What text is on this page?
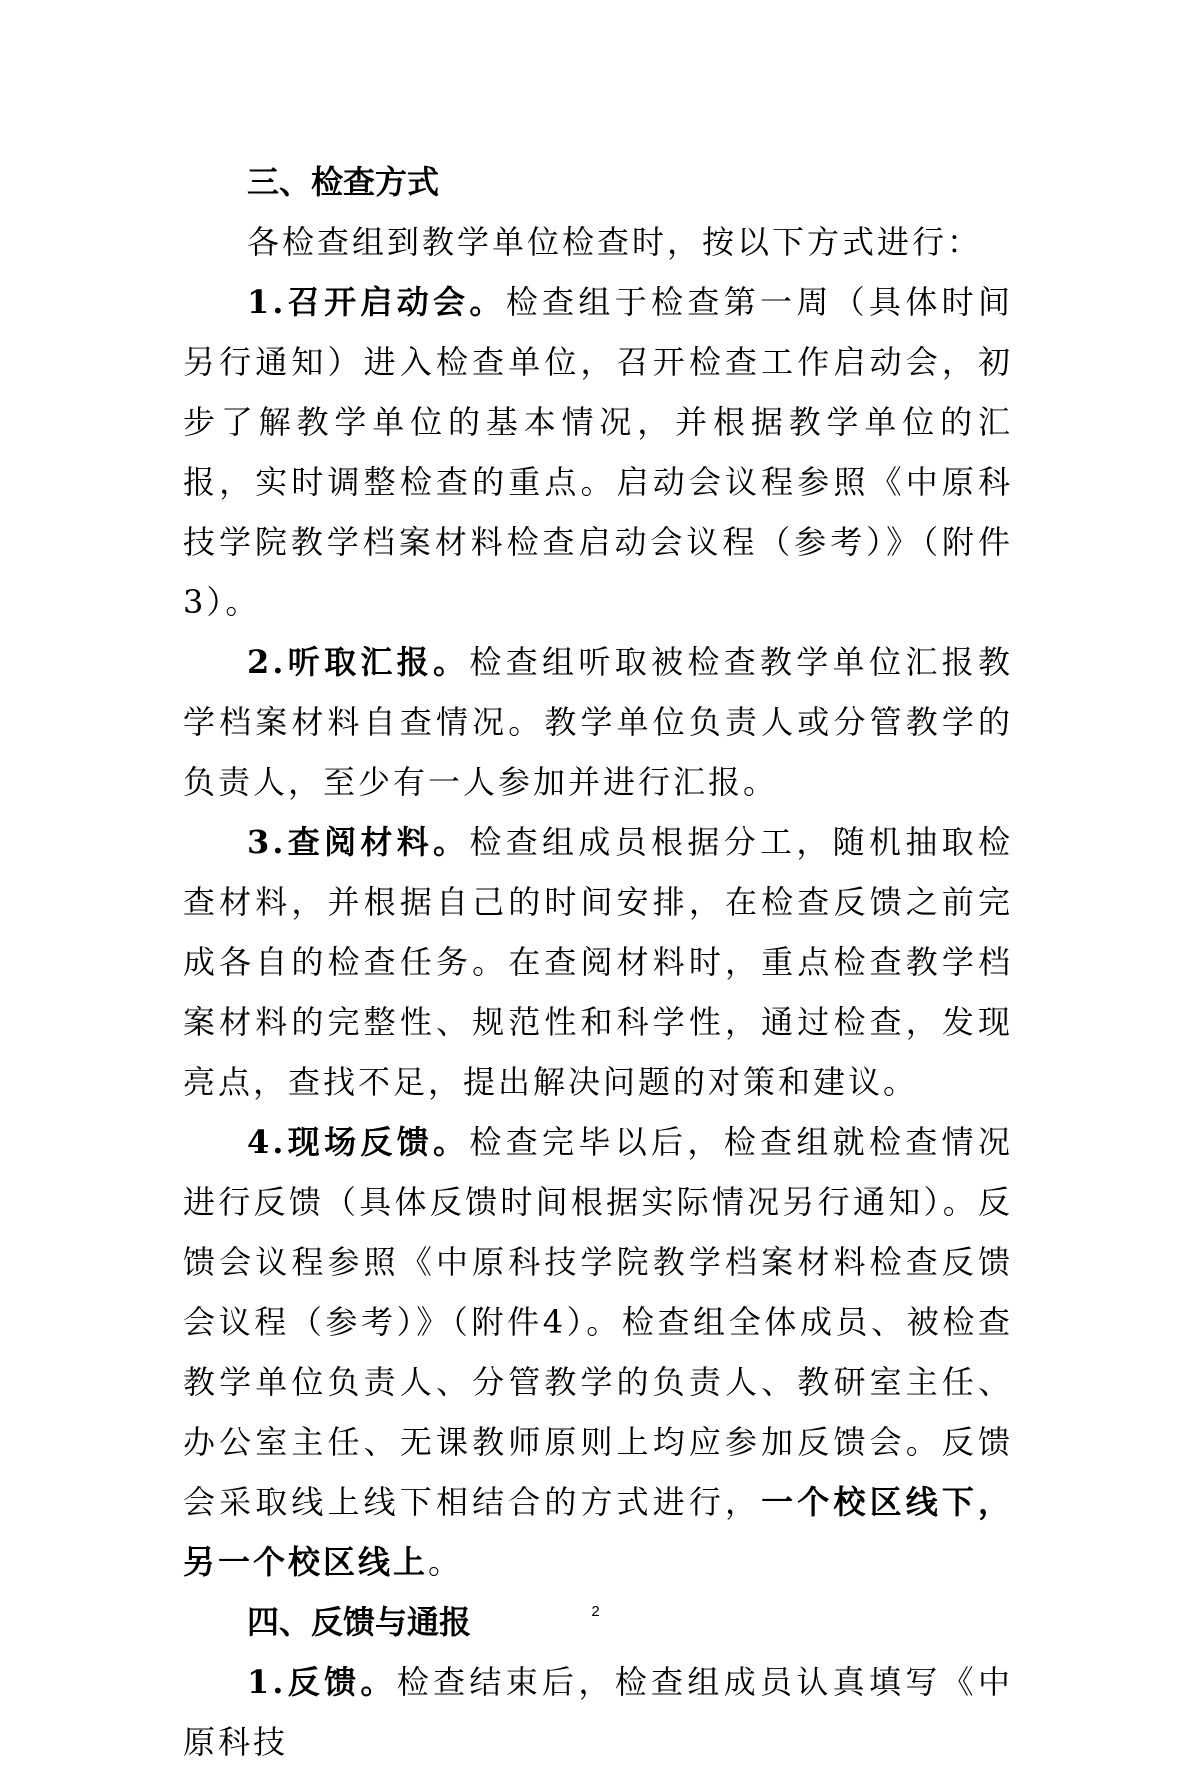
三、检查方式

各检查组到教学单位检查时，按以下方式进行：

1.召开启动会。检查组于检查第一周（具体时间另行通知）进入检查单位，召开检查工作启动会，初步了解教学单位的基本情况，并根据教学单位的汇报，实时调整检查的重点。启动会议程参照《中原科技学院教学档案材料检查启动会议程（参考）》（附件3）。

2.听取汇报。检查组听取被检查教学单位汇报教学档案材料自查情况。教学单位负责人或分管教学的负责人，至少有一人参加并进行汇报。

3.查阅材料。检查组成员根据分工，随机抽取检查材料，并根据自己的时间安排，在检查反馈之前完成各自的检查任务。在查阅材料时，重点检查教学档案材料的完整性、规范性和科学性，通过检查，发现亮点，查找不足，提出解决问题的对策和建议。

4.现场反馈。检查完毕以后，检查组就检查情况进行反馈（具体反馈时间根据实际情况另行通知）。反馈会议程参照《中原科技学院教学档案材料检查反馈会议程（参考）》（附件4）。检查组全体成员、被检查教学单位负责人、分管教学的负责人、教研室主任、办公室主任、无课教师原则上均应参加反馈会。反馈会采取线上线下相结合的方式进行，一个校区线下，另一个校区线上。

四、反馈与通报

1.反馈。检查结束后，检查组成员认真填写《中原科技

2
